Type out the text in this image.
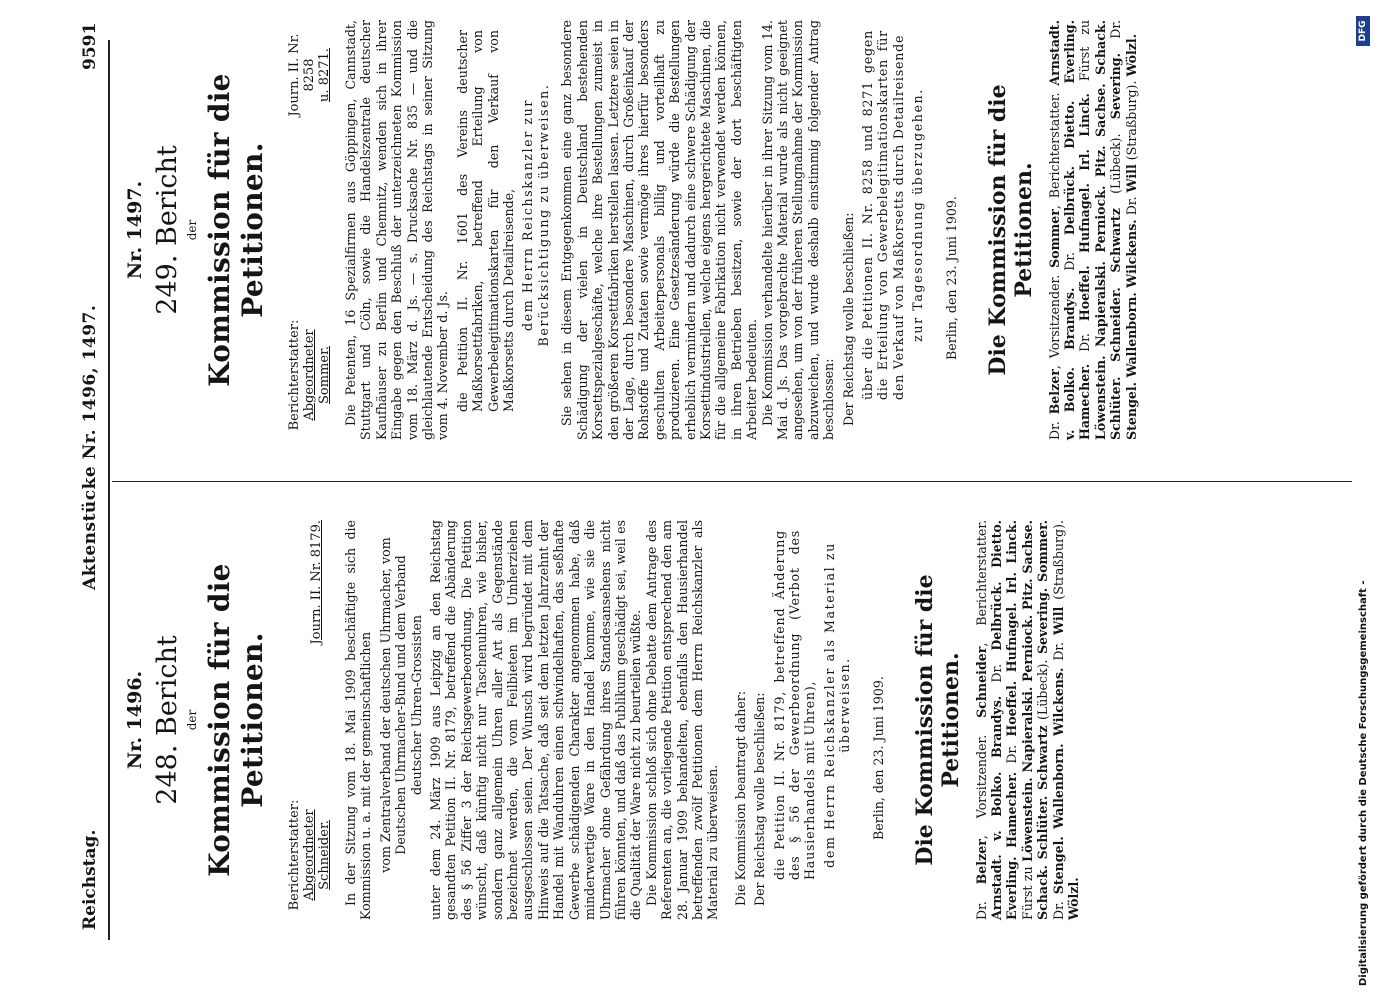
Reichstag.
Aktenstücke Nr. 1496, 1497.
9591
Nr. 1496. 248. Bericht der Kommission für die Petitionen.
Berichterstatter: Abgeordneter Schneider.
Journ. II. Nr. 8179. In der Sitzung vom 18. Mai 1909 beschäftigte sich die Kommission u. a. mit der gemeinschaftlichen vom Zentralverband der deutschen Uhrmacher, vom Deutschen Uhrmacher-Bund und dem Verband deutscher Uhren-Grossisten unter dem 24. März 1909 aus Leipzig an den Reichstag gesandten Petition II. Nr. 8179, betreffend die Abänderung des § 56 Ziffer 3 der Reichsgewerbeordnung. Die Petition wünscht, daß künftig nicht nur Taschenuhren, wie bisher, sondern ganz allgemein Uhren aller Art als Gegenstände bezeichnet werden, die vom Feilbieten im Umherziehen ausgeschlossen seien. Der Wunsch wird begründet mit dem Hinweis auf die Tatsache, daß seit dem letzten Jahrzehnt der Handel mit Wanduhren einen schwindelhaften, das seßhafte Gewerbe schädigenden Charakter angenommen habe, daß minderwertige Ware in den Handel komme, wie sie die Uhrmacher ohne Gefährdung ihres Standesansehens nicht führen könnten, und daß das Publikum geschädigt sei, weil es die Qualität der Ware nicht zu beurteilen wüßte. Die Kommission schloß sich ohne Debatte dem Antrage des Referenten an, die vorliegende Petition entsprechend den am 28. Januar 1909 behandelten, ebenfalls den Hausierhandel betreffenden zwölf Petitionen dem Herrn Reichskanzler als Material zu überweisen. Die Kommission beantragt daher: Der Reichstag wolle beschließen: die Petition II. Nr. 8179, betreffend Änderung des § 56 der Gewerbeordnung (Verbot des Hausierhandels mit Uhren), dem Herrn Reichskanzler als Material zu überweisen. Berlin, den 23. Juni 1909. Die Kommission für die Petitionen.
Dr. Belzer, Vorsitzender. Schneider, Berichterstatter. Arnstadt. v. Bolko. Brandys. Dr. Delbrück. Dietto. Everling. Hamecher. Dr. Hoeffel. Hufnagel. Irl. Linck. Fürst zu Löwenstein. Napieralski. Perniock. Pitz. Sachse. Schack. Schlüter. Schwartz (Lübeck). Severing. Sommer. Dr. Stengel. Wallenborn. Wilckens. Dr. Will (Straßburg). Wölzl.
Nr. 1497. 249. Bericht der Kommission für die Petitionen.
Berichterstatter: Abgeordneter Sommer.
Journ. II. Nr. 8258 u. 8271. Die Petenten, 16 Spezialfirmen aus Göppingen, Cannstadt, Stuttgart und Cöln, sowie die Handelszentrale deutscher Kaufhäuser zu Berlin und Chemnitz, wenden sich in ihrer Eingabe gegen den Beschluß der unterzeichneten Kommission vom 18. März d. Js. — s. Drucksache Nr. 835 — und die gleichlautende Entscheidung des Reichstags in seiner Sitzung vom 4. November d. Js. die Petition II. Nr. 1601 des Vereins deutscher Maßkorsettfabriken, betreffend Erteilung von Gewerbelegitimationskarten für den Verkauf von Maßkorsetts durch Detailreisende, dem Herrn Reichskanzler zur Berücksichtigung zu überweisen. Sie sehen in diesem Entgegenkommen eine ganz besondere Schädigung der vielen in Deutschland bestehenden Korsettspezialgeschäfte, welche ihre Bestellungen zumeist in den größeren Korsettfabriken herstellen lassen. Letztere seien in der Lage, durch besondere Maschinen, durch Großeinkauf der Rohstoffe und Zutaten sowie vermöge ihres hierfür besonders geschulten Arbeiterpersonals billig und vorteilhaft zu produzieren. Eine Gesetzesänderung würde die Bestellungen erheblich vermindern und dadurch eine schwere Schädigung der Korsettindustriellen, welche eigens hergerichtete Maschinen, die für die allgemeine Fabrikation nicht verwendet werden können, in ihren Betrieben besitzen, sowie der dort beschäftigten Arbeiter bedeuten. Die Kommission verhandelte hierüber in ihrer Sitzung vom 14. Mai d. Js. Das vorgebrachte Material wurde als nicht geeignet angesehen, um von der früheren Stellungnahme der Kommission abzuweichen, und wurde deshalb einstimmig folgender Antrag beschlossen: Der Reichstag wolle beschließen: über die Petitionen II. Nr. 8258 und 8271 gegen die Erteilung von Gewerbelegitimationskarten für den Verkauf von Maßkorsetts durch Detailreisende zur Tagesordnung überzugehen. Berlin, den 23. Juni 1909. Die Kommission für die Petitionen.
Dr. Belzer, Vorsitzender. Sommer, Berichterstatter. Arnstadt. v. Bolko. Brandys. Dr. Delbrück. Dietto. Everling. Hamecher. Dr. Hoeffel. Hufnagel. Irl. Linck. Fürst zu Löwenstein. Napieralski. Perniock. Pitz. Sachse. Schack. Schlüter. Schneider. Schwartz (Lübeck). Severing. Dr. Stengel. Wallenborn. Wilckens. Dr. Will (Straßburg). Wölzl.
Digitalisierung gefördert durch die Deutsche Forschungsgemeinschaft -
DFG
